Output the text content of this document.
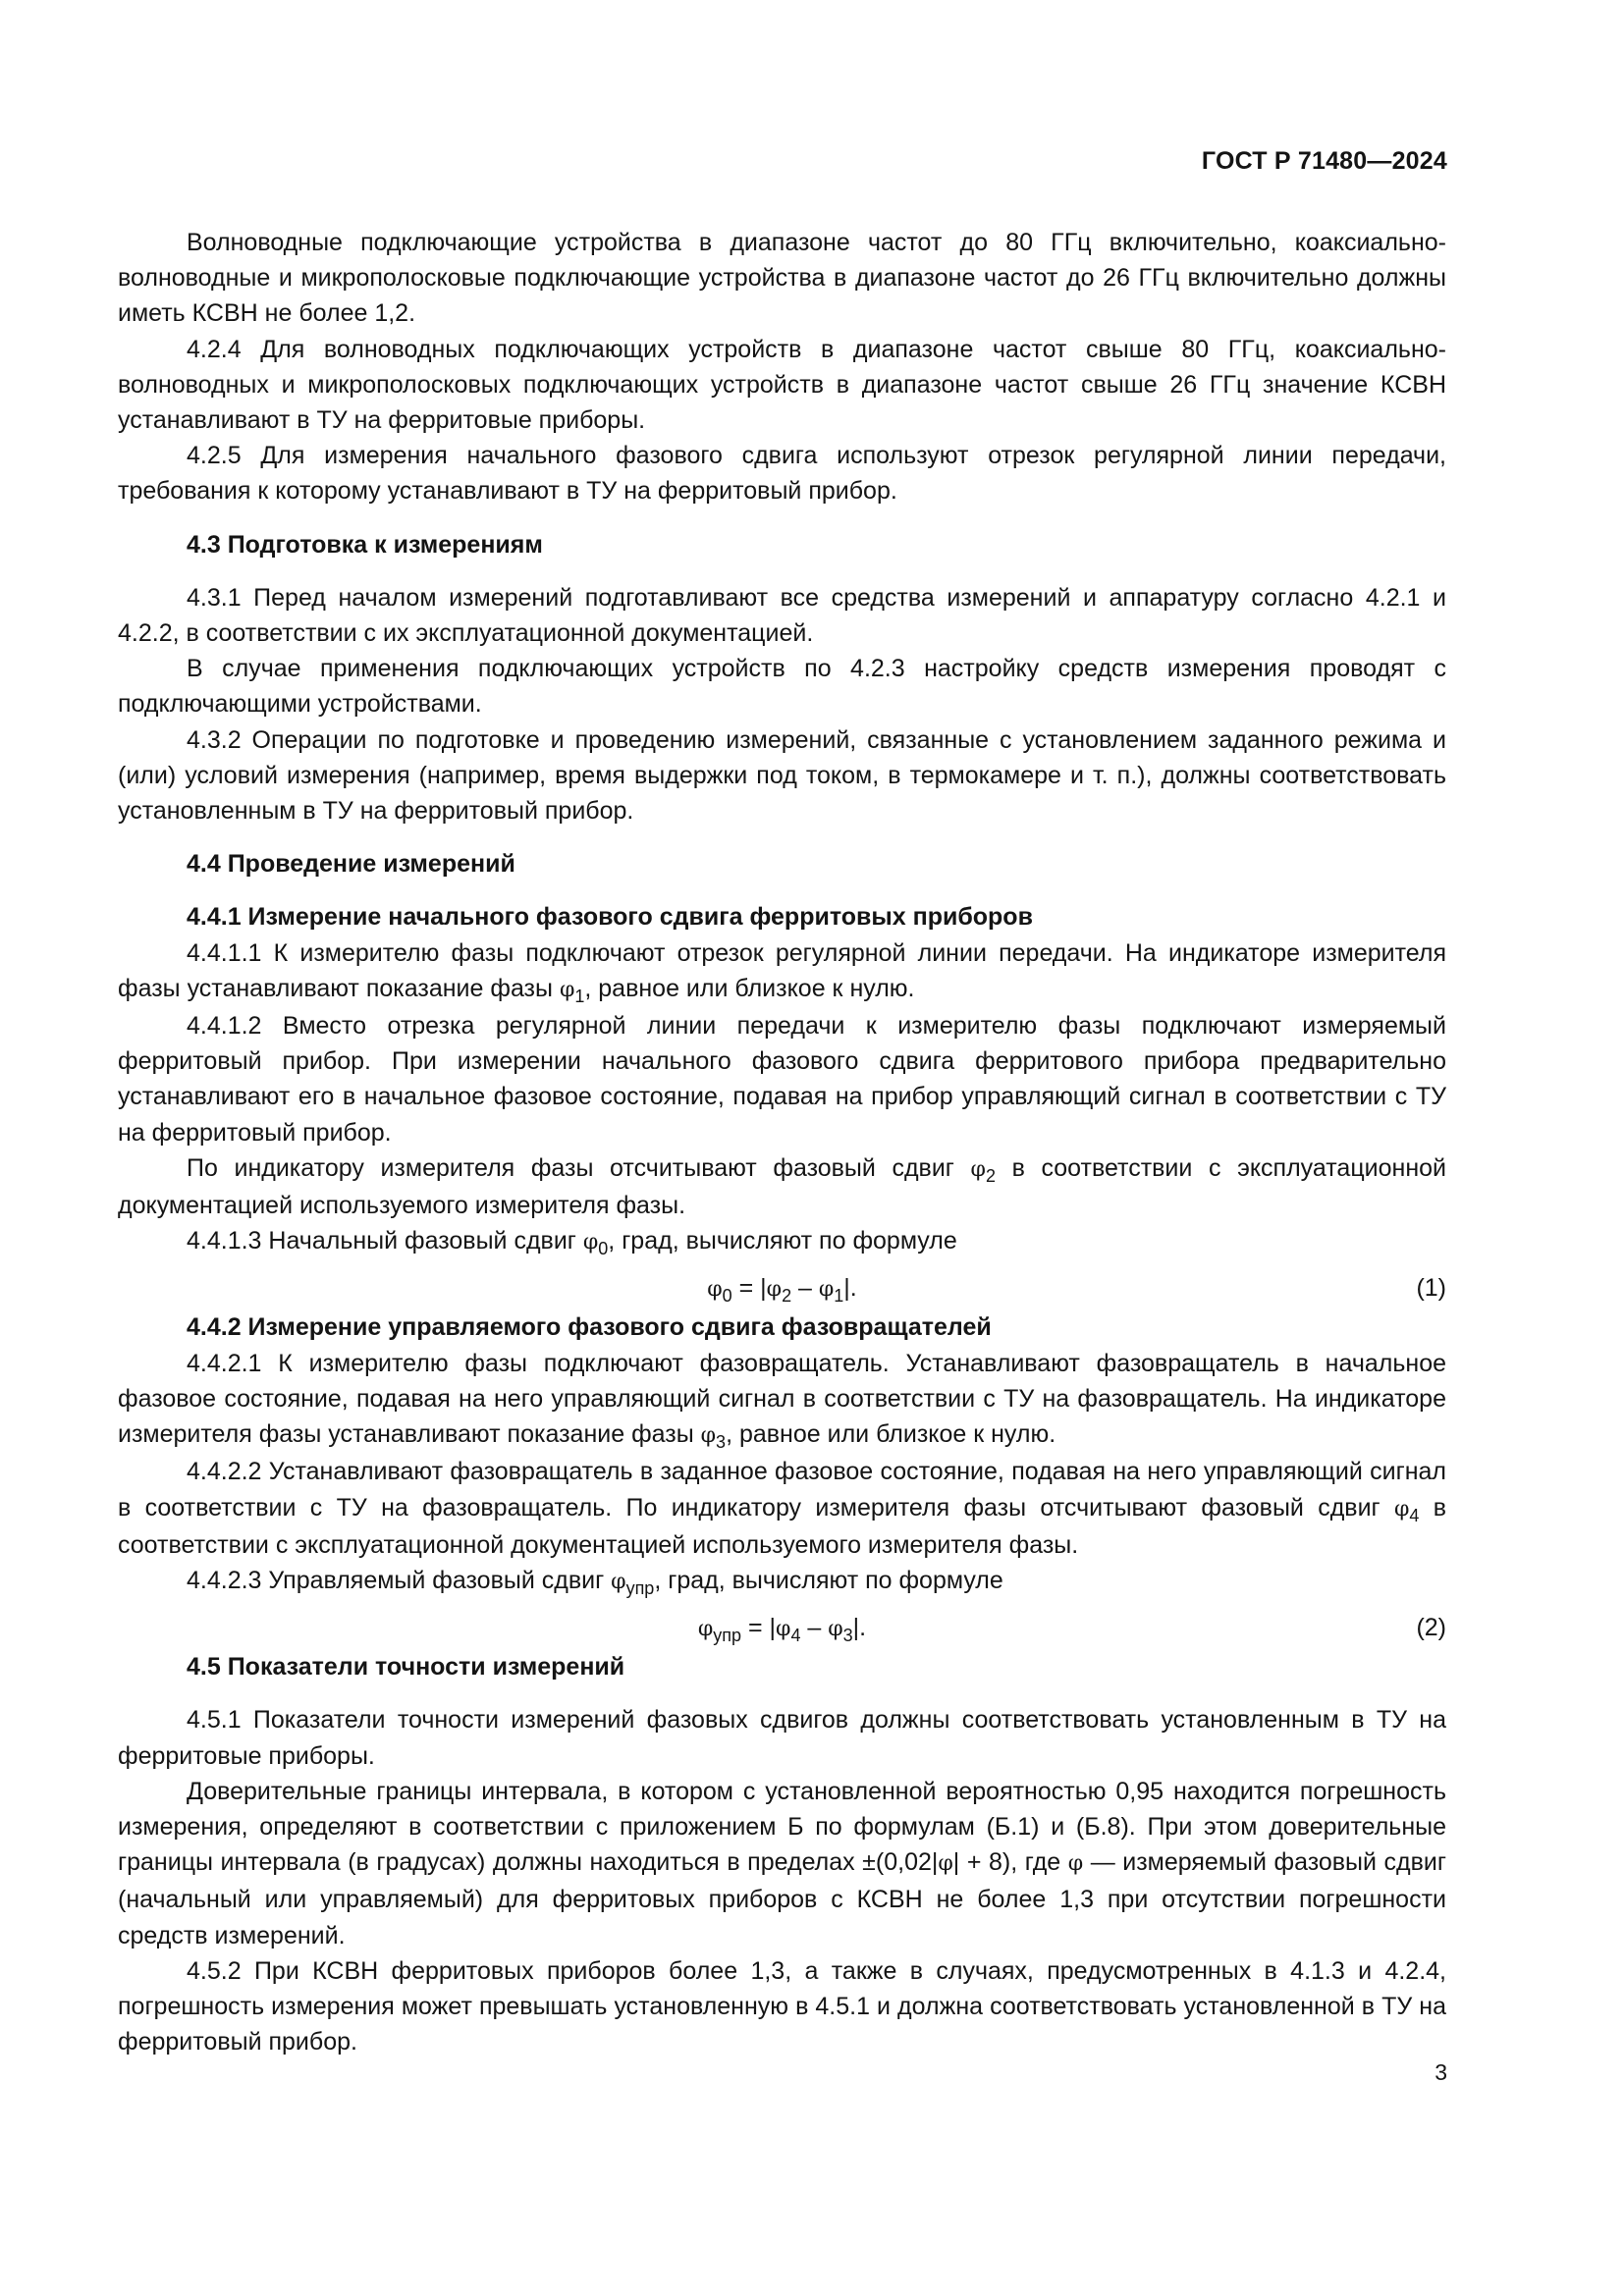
ГОСТ Р 71480—2024

Волноводные подключающие устройства в диапазоне частот до 80 ГГц включительно, коаксиально-волноводные и микрополосковые подключающие устройства в диапазоне частот до 26 ГГц включительно должны иметь КСВН не более 1,2.

4.2.4 Для волноводных подключающих устройств в диапазоне частот свыше 80 ГГц, коаксиально-волноводных и микрополосковых подключающих устройств в диапазоне частот свыше 26 ГГц значение КСВН устанавливают в ТУ на ферритовые приборы.

4.2.5 Для измерения начального фазового сдвига используют отрезок регулярной линии передачи, требования к которому устанавливают в ТУ на ферритовый прибор.

4.3 Подготовка к измерениям

4.3.1 Перед началом измерений подготавливают все средства измерений и аппаратуру согласно 4.2.1 и 4.2.2, в соответствии с их эксплуатационной документацией.

В случае применения подключающих устройств по 4.2.3 настройку средств измерения проводят с подключающими устройствами.

4.3.2 Операции по подготовке и проведению измерений, связанные с установлением заданного режима и (или) условий измерения (например, время выдержки под током, в термокамере и т. п.), должны соответствовать установленным в ТУ на ферритовый прибор.

4.4 Проведение измерений
4.4.1 Измерение начального фазового сдвига ферритовых приборов

4.4.1.1 К измерителю фазы подключают отрезок регулярной линии передачи. На индикаторе измерителя фазы устанавливают показание фазы $\varphi_1$, равное или близкое к нулю.

4.4.1.2 Вместо отрезка регулярной линии передачи к измерителю фазы подключают измеряемый ферритовый прибор. При измерении начального фазового сдвига ферритового прибора предварительно устанавливают его в начальное фазовое состояние, подавая на прибор управляющий сигнал в соответствии с ТУ на ферритовый прибор.

По индикатору измерителя фазы отсчитывают фазовый сдвиг $\varphi_2$ в соответствии с эксплуатационной документацией используемого измерителя фазы.

4.4.1.3 Начальный фазовый сдвиг $\varphi_0$, град, вычисляют по формуле

$\varphi_0 = |\varphi_2 - \varphi_1|$.	(1)
4.4.2 Измерение управляемого фазового сдвига фазовращателей

4.4.2.1 К измерителю фазы подключают фазовращатель. Устанавливают фазовращатель в начальное фазовое состояние, подавая на него управляющий сигнал в соответствии с ТУ на фазовращатель. На индикаторе измерителя фазы устанавливают показание фазы $\varphi_3$, равное или близкое к нулю.

4.4.2.2 Устанавливают фазовращатель в заданное фазовое состояние, подавая на него управляющий сигнал в соответствии с ТУ на фазовращатель. По индикатору измерителя фазы отсчитывают фазовый сдвиг $\varphi_4$ в соответствии с эксплуатационной документацией используемого измерителя фазы.

4.4.2.3 Управляемый фазовый сдвиг $\varphi_{упр}$, град, вычисляют по формуле

$\varphi_{упр} = |\varphi_4 - \varphi_3|$.	(2)
4.5 Показатели точности измерений

4.5.1 Показатели точности измерений фазовых сдвигов должны соответствовать установленным в ТУ на ферритовые приборы.

Доверительные границы интервала, в котором с установленной вероятностью 0,95 находится погрешность измерения, определяют в соответствии с приложением Б по формулам (Б.1) и (Б.8). При этом доверительные границы интервала (в градусах) должны находиться в пределах ±(0,02|φ| + 8), где φ — измеряемый фазовый сдвиг (начальный или управляемый) для ферритовых приборов с КСВН не более 1,3 при отсутствии погрешности средств измерений.

4.5.2 При КСВН ферритовых приборов более 1,3, а также в случаях, предусмотренных в 4.1.3 и 4.2.4, погрешность измерения может превышать установленную в 4.5.1 и должна соответствовать установленной в ТУ на ферритовый прибор.

3
